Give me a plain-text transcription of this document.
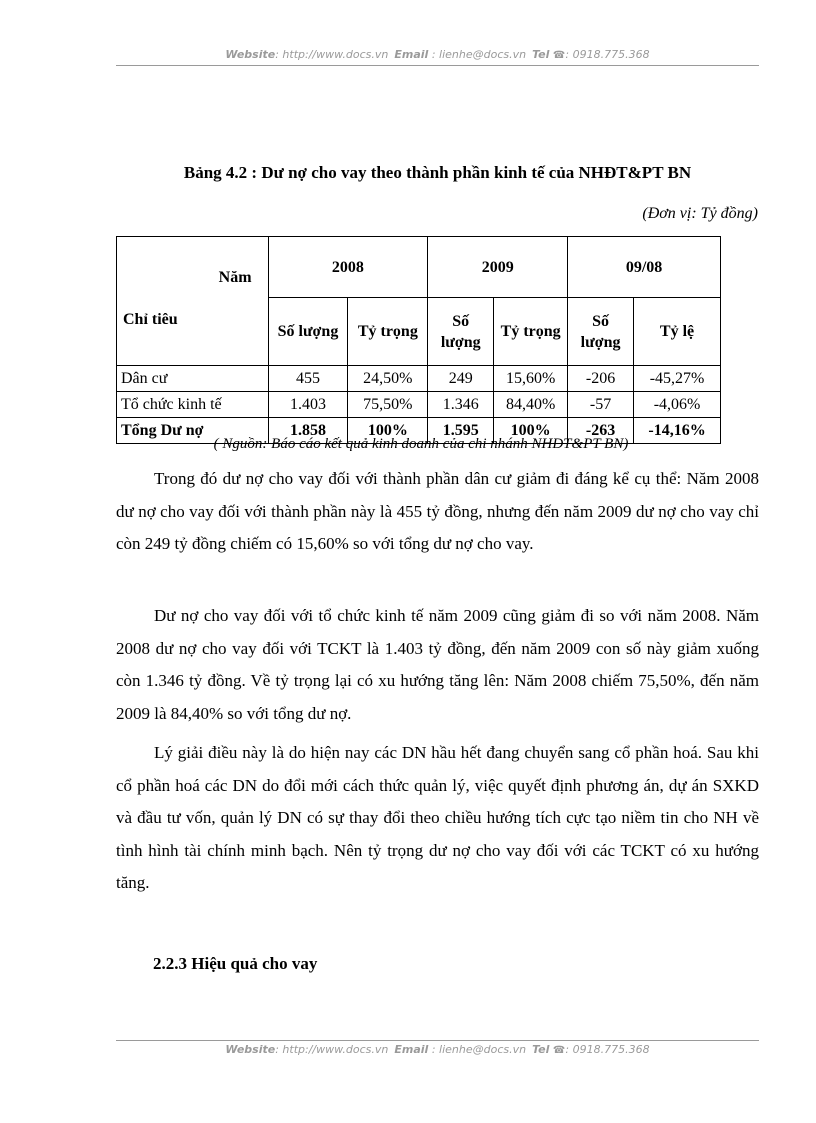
Website: http://www.docs.vn Email : lienhe@docs.vn Tel ☎: 0918.775.368
Bảng 4.2 : Dư nợ cho vay theo thành phần kinh tế của NHĐT&PT BN
(Đơn vị: Tỷ đồng)
Năm
Chỉ tiêu	2008		2009		09/08	
	Số lượng	Tỷ trọng	Số lượng	Tỷ trọng	Số lượng	Tỷ lệ
Dân cư	455	24,50%	249	15,60%	-206	-45,27%
Tổ chức kinh tế	1.403	75,50%	1.346	84,40%	-57	-4,06%
Tổng Dư nợ	1.858	100%	1.595	100%	-263	-14,16%
( Nguồn: Báo cáo kết quả kinh doanh của chi nhánh NHĐT&PT BN)

Trong đó dư nợ cho vay đối với thành phần dân cư giảm đi đáng kể cụ thể: Năm 2008 dư nợ cho vay đối với thành phần này là 455 tỷ đồng, nhưng đến năm 2009 dư nợ cho vay chỉ còn 249 tỷ đồng chiếm có 15,60% so với tổng dư nợ cho vay.

Dư nợ cho vay đối với tổ chức kinh tế năm 2009 cũng giảm đi so với năm 2008. Năm 2008 dư nợ cho vay đối với TCKT là 1.403 tỷ đồng, đến năm 2009 con số này giảm xuống còn 1.346 tỷ đồng. Về tỷ trọng lại có xu hướng tăng lên: Năm 2008 chiếm 75,50%, đến năm 2009 là 84,40% so với tổng dư nợ.

Lý giải điều này là do hiện nay các DN hầu hết đang chuyển sang cổ phần hoá. Sau khi cổ phần hoá các DN do đổi mới cách thức quản lý, việc quyết định phương án, dự án SXKD và đầu tư vốn, quản lý DN có sự thay đổi theo chiều hướng tích cực tạo niềm tin cho NH về tình hình tài chính minh bạch. Nên tỷ trọng dư nợ cho vay đối với các TCKT có xu hướng tăng.

2.2.3 Hiệu quả cho vay
Website: http://www.docs.vn Email : lienhe@docs.vn Tel ☎: 0918.775.368
